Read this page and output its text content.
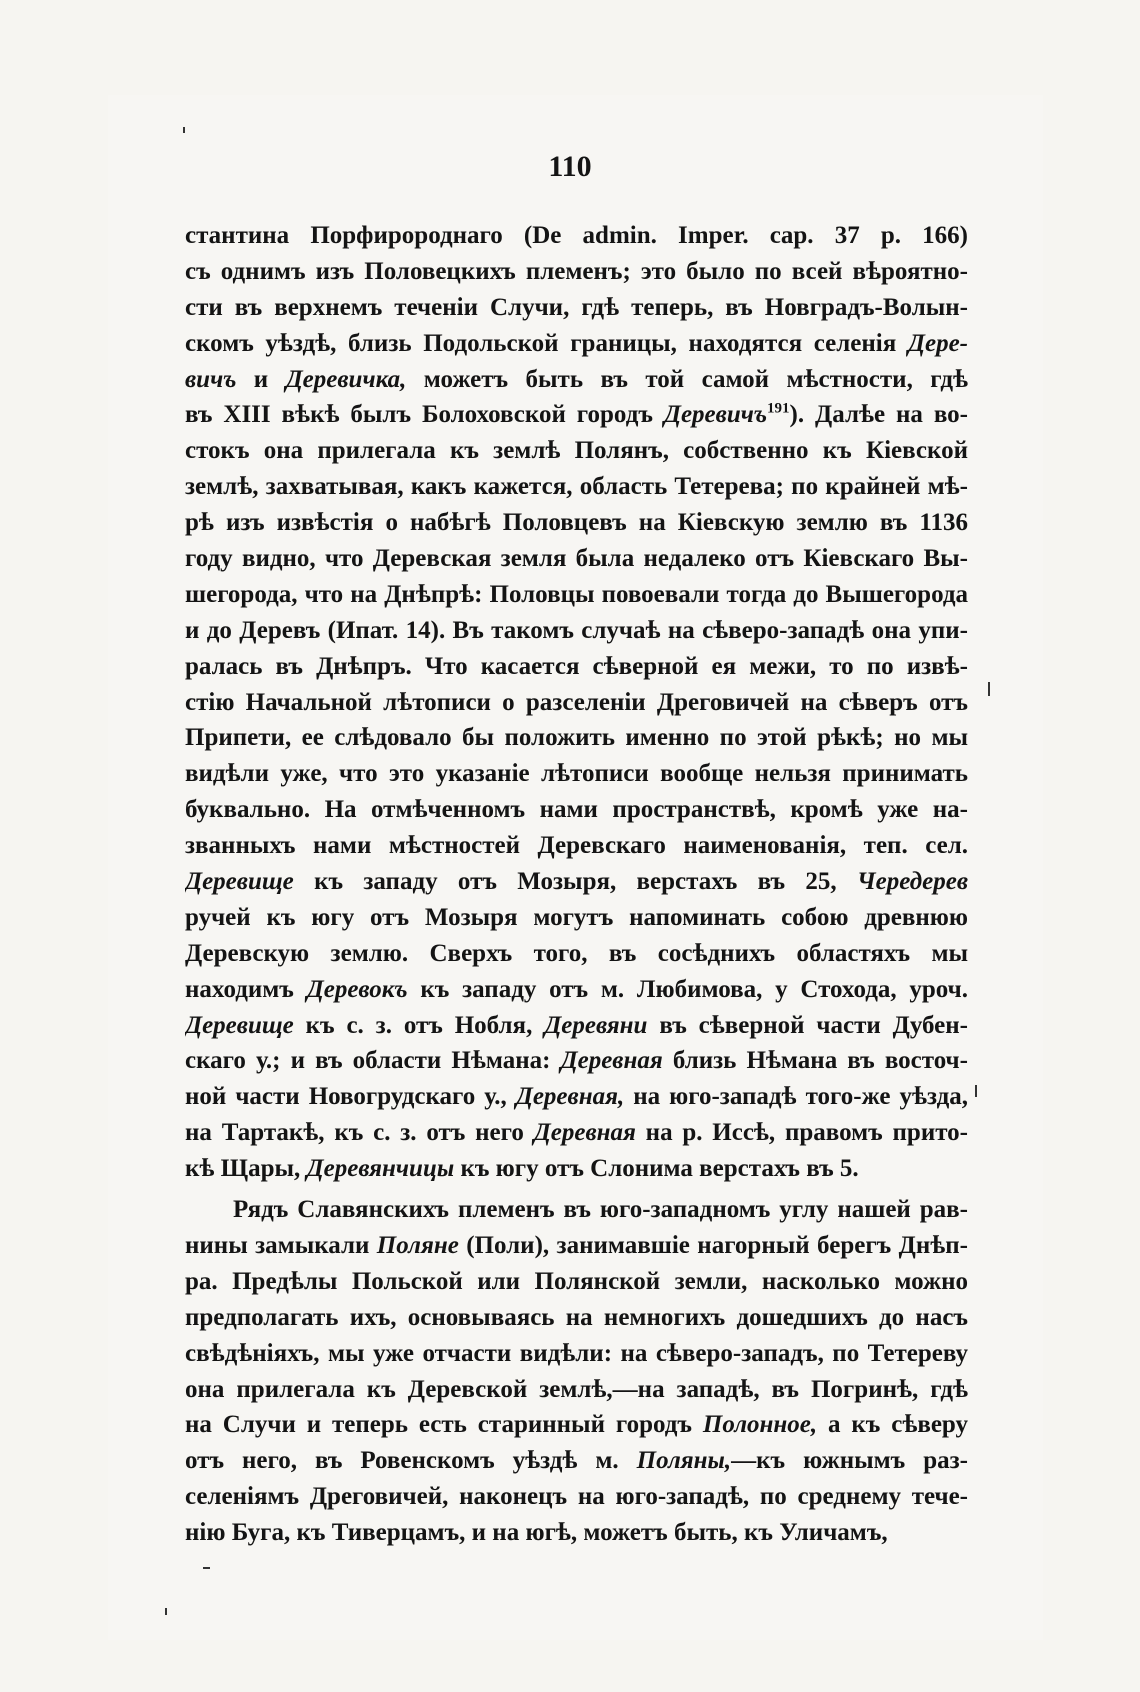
110
стантина Порфиророднаго (De admin. Imper. cap. 37 p. 166)
съ однимъ изъ Половецкихъ племенъ; это было по всей вѣроятно-
сти въ верхнемъ теченіи Случи, гдѣ теперь, въ Новградъ-Волын-
скомъ уѣздѣ, близь Подольской границы, находятся селенія Дере-
вичъ и Деревичка, можетъ быть въ той самой мѣстности, гдѣ
въ XIII вѣкѣ былъ Болоховской городъ Деревичъ$^{191}$). Далѣе на во-
стокъ она прилегала къ землѣ Полянъ, собственно къ Кіевской
землѣ, захватывая, какъ кажется, область Тетерева; по крайней мѣ-
рѣ изъ извѣстія о набѣгѣ Половцевъ на Кіевскую землю въ 1136
году видно, что Деревская земля была недалеко отъ Кіевскаго Вы-
шегорода, что на Днѣпрѣ: Половцы повоевали тогда до Вышегорода
и до Деревъ (Ипат. 14). Въ такомъ случаѣ на сѣверо-западѣ она упи-
ралась въ Днѣпръ. Что касается сѣверной ея межи, то по извѣ-
стію Начальной лѣтописи о разселеніи Дреговичей на сѣверъ отъ
Припети, ее слѣдовало бы положить именно по этой рѣкѣ; но мы
видѣли уже, что это указаніе лѣтописи вообще нельзя принимать
буквально. На отмѣченномъ нами пространствѣ, кромѣ уже на-
званныхъ нами мѣстностей Деревскаго наименованія, теп. сел.
Деревище къ западу отъ Мозыря, верстахъ въ 25, Чередерев
ручей къ югу отъ Мозыря могутъ напоминать собою древнюю
Деревскую землю. Сверхъ того, въ сосѣднихъ областяхъ мы
находимъ Деревокъ къ западу отъ м. Любимова, у Стохода, уроч.
Деревище къ с. з. отъ Нобля, Деревяни въ сѣверной части Дубен-
скаго у.; и въ области Нѣмана: Деревная близь Нѣмана въ восточ-
ной части Новогрудскаго у., Деревная, на юго-западѣ того-же уѣзда,
на Тартакѣ, къ с. з. отъ него Деревная на р. Иссѣ, правомъ прито-
кѣ Щары, Деревянчицы къ югу отъ Слонима верстахъ въ 5.
Рядъ Славянскихъ племенъ въ юго-западномъ углу нашей рав-
нины замыкали Поляне (Поли), занимавшіе нагорный берегъ Днѣп-
ра. Предѣлы Польской или Полянской земли, насколько можно
предполагать ихъ, основываясь на немногихъ дошедшихъ до насъ
свѣдѣніяхъ, мы уже отчасти видѣли: на сѣверо-западъ, по Тетереву
она прилегала къ Деревской землѣ,—на западѣ, въ Погринѣ, гдѣ
на Случи и теперь есть старинный городъ Полонное, а къ сѣверу
отъ него, въ Ровенскомъ уѣздѣ м. Поляны,—къ южнымъ раз-
селеніямъ Дреговичей, наконецъ на юго-западѣ, по среднему тече-
нію Буга, къ Тиверцамъ, и на югѣ, можетъ быть, къ Уличамъ,
